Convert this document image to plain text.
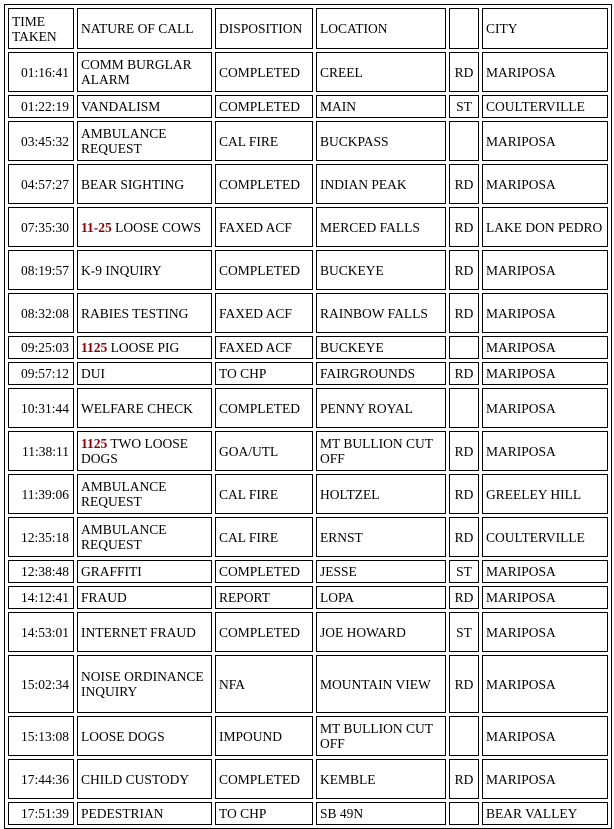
TIME TAKEN	NATURE OF CALL	DISPOSITION	LOCATION		CITY
01:16:41	COMM BURGLAR ALARM	COMPLETED	CREEL	RD	MARIPOSA
01:22:19	VANDALISM	COMPLETED	MAIN	ST	COULTERVILLE
03:45:32	AMBULANCE REQUEST	CAL FIRE	BUCKPASS		MARIPOSA
04:57:27	BEAR SIGHTING	COMPLETED	INDIAN PEAK	RD	MARIPOSA
07:35:30	11-25 LOOSE COWS	FAXED ACF	MERCED FALLS	RD	LAKE DON PEDRO
08:19:57	K-9 INQUIRY	COMPLETED	BUCKEYE	RD	MARIPOSA
08:32:08	RABIES TESTING	FAXED ACF	RAINBOW FALLS	RD	MARIPOSA
09:25:03	1125 LOOSE PIG	FAXED ACF	BUCKEYE		MARIPOSA
09:57:12	DUI	TO CHP	FAIRGROUNDS	RD	MARIPOSA
10:31:44	WELFARE CHECK	COMPLETED	PENNY ROYAL		MARIPOSA
11:38:11	1125 TWO LOOSE DOGS	GOA/UTL	MT BULLION CUT OFF	RD	MARIPOSA
11:39:06	AMBULANCE REQUEST	CAL FIRE	HOLTZEL	RD	GREELEY HILL
12:35:18	AMBULANCE REQUEST	CAL FIRE	ERNST	RD	COULTERVILLE
12:38:48	GRAFFITI	COMPLETED	JESSE	ST	MARIPOSA
14:12:41	FRAUD	REPORT	LOPA	RD	MARIPOSA
14:53:01	INTERNET FRAUD	COMPLETED	JOE HOWARD	ST	MARIPOSA
15:02:34	NOISE ORDINANCE INQUIRY	NFA	MOUNTAIN VIEW	RD	MARIPOSA
15:13:08	LOOSE DOGS	IMPOUND	MT BULLION CUT OFF		MARIPOSA
17:44:36	CHILD CUSTODY	COMPLETED	KEMBLE	RD	MARIPOSA
17:51:39	PEDESTRIAN	TO CHP	SB 49N		BEAR VALLEY
